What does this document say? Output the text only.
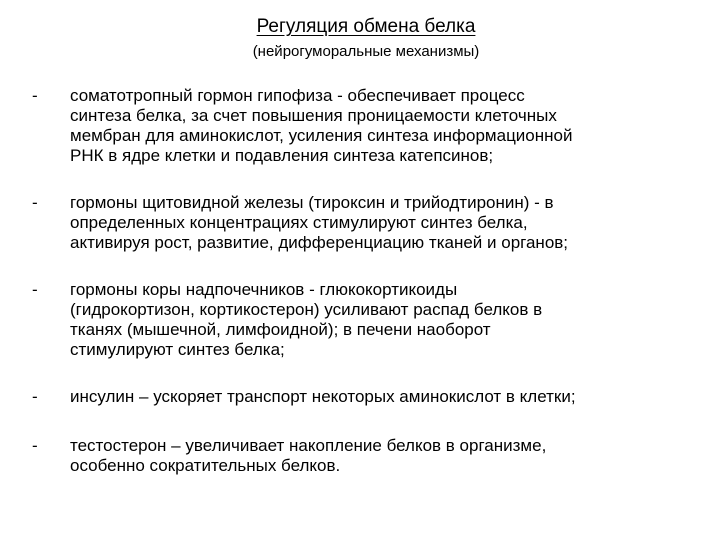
Регуляция обмена белка
(нейрогуморальные механизмы)
-	соматотропный гормон гипофиза - обеспечивает процесс
синтеза белка, за счет повышения проницаемости клеточных
мембран для аминокислот, усиления синтеза информационной
РНК в ядре клетки и подавления синтеза катепсинов;
-	гормоны щитовидной железы (тироксин и трийодтиронин) - в
определенных концентрациях стимулируют синтез белка,
активируя рост, развитие, дифференциацию тканей и органов;
-	гормоны коры надпочечников - глюкокортикоиды
(гидрокортизон, кортикостерон) усиливают распад белков в
тканях (мышечной, лимфоидной); в печени наоборот
стимулируют синтез белка;
-	инсулин – ускоряет транспорт некоторых аминокислот в клетки;
-	тестостерон – увеличивает накопление белков в организме,
особенно сократительных белков.
